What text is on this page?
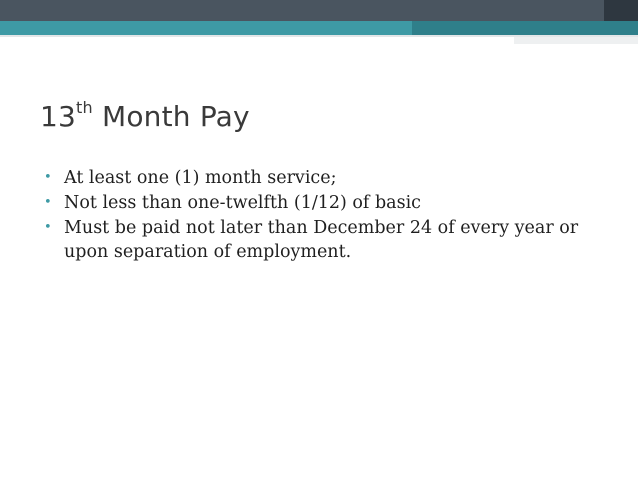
13th Month Pay
• At least one (1) month service;
• Not less than one-twelfth (1/12) of basic
• Must be paid not later than December 24 of every year or upon separation of employment.
